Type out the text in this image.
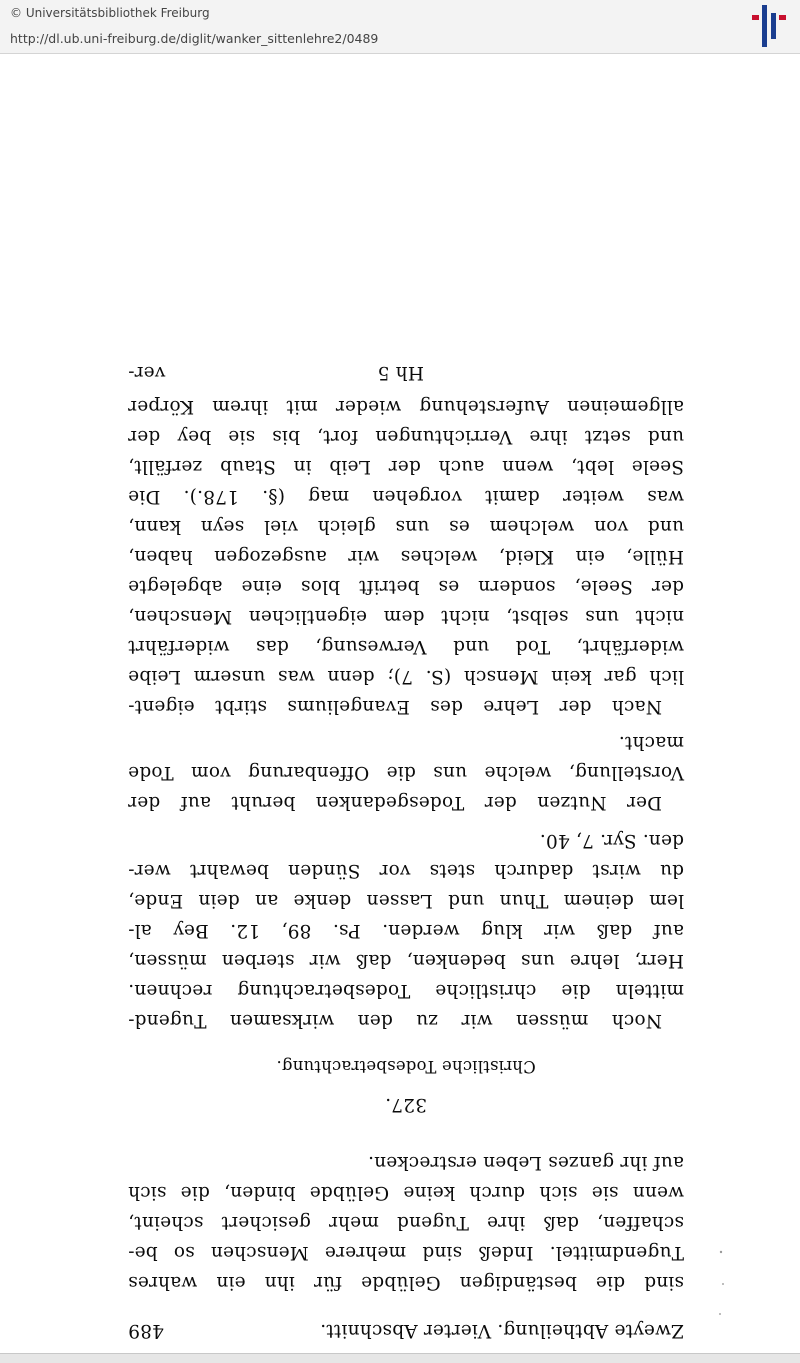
© Universitätsbibliothek Freiburg
http://dl.ub.uni-freiburg.de/diglit/wanker_sittenlehre2/0489
Zweyte Abtheilung. Vierter Abschnitt.
489
sind die beständigen Gelübde für ihn ein wahres
Tugendmittel. Indeß sind mehrere Menschen so be-
schaffen, daß ihre Tugend mehr gesichert scheint,
wenn sie sich durch keine Gelübde binden, die sich
auf ihr ganzes Leben erstrecken.
327.
Christliche Todesbetrachtung.
Noch müssen wir zu den wirksamen Tugend-
mitteln die christliche Todesbetrachtung rechnen.
Herr, lehre uns bedenken, daß wir sterben müssen,
auf daß wir klug werden. Ps. 89, 12. Bey al-
lem deinem Thun und Lassen denke an dein Ende,
du wirst dadurch stets vor Sünden bewahrt wer-
den. Syr. 7, 40.
Der Nutzen der Todesgedanken beruht auf der
Vorstellung, welche uns die Offenbarung vom Tode
macht.
Nach der Lehre des Evangeliums stirbt eigent-
lich gar kein Mensch (S. 7); denn was unserm Leibe
widerfährt, Tod und Verwesung, das widerfährt
nicht uns selbst, nicht dem eigentlichen Menschen,
der Seele, sondern es betrift blos eine abgelegte
Hülle, ein Kleid, welches wir ausgezogen haben,
und von welchem es uns gleich viel seyn kann,
was weiter damit vorgehen mag (§. 178.). Die
Seele lebt, wenn auch der Leib in Staub zerfällt,
und setzt ihre Verrichtungen fort, bis sie bey der
allgemeinen Auferstehung wieder mit ihrem Körper
Hh 5
ver-
